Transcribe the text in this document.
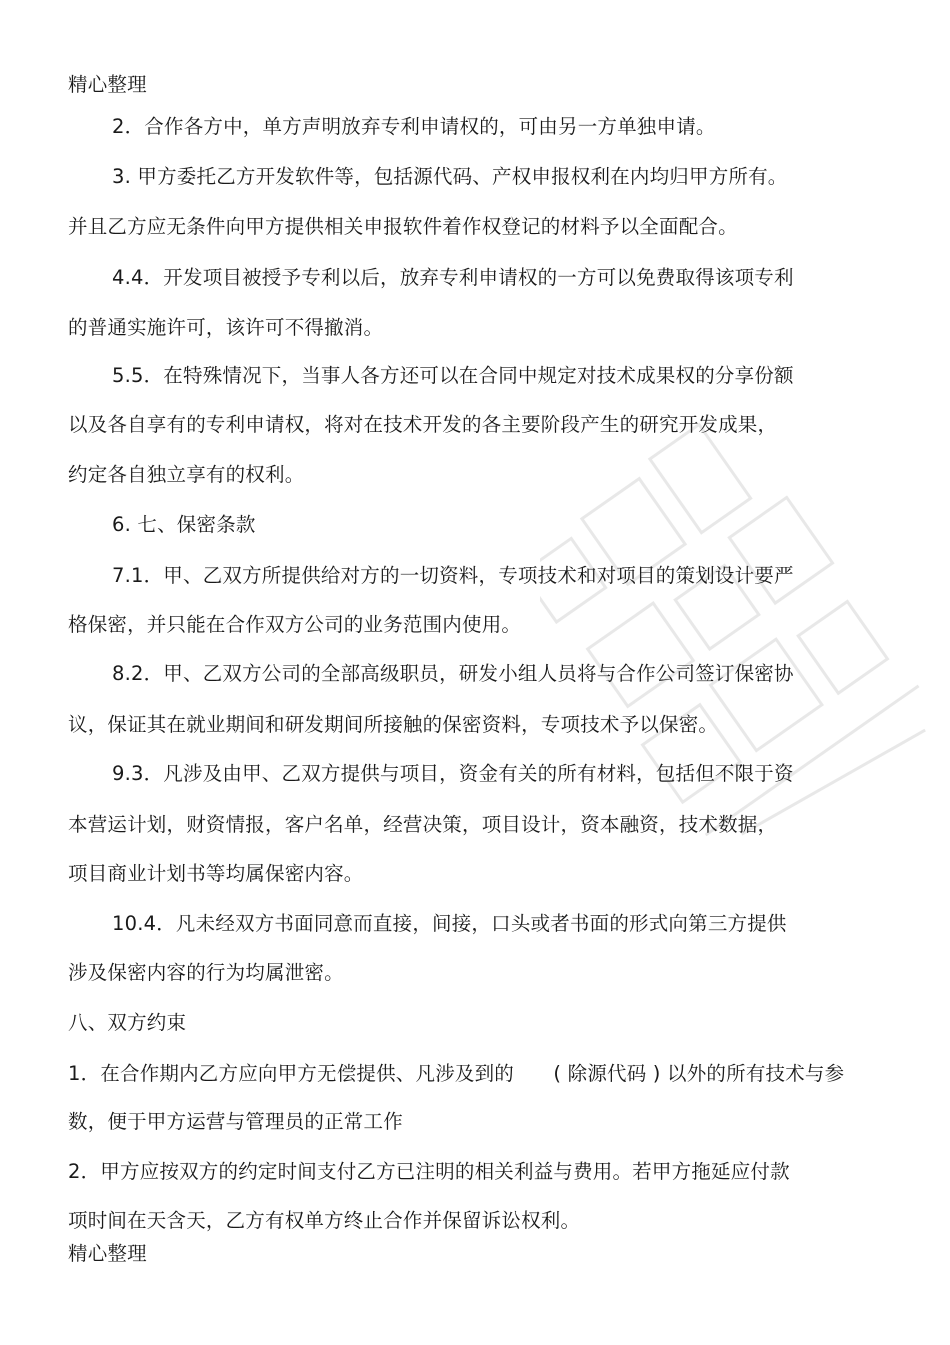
精心整理
2．合作各方中，单方声明放弃专利申请权的，可由另一方单独申请。
3. 甲方委托乙方开发软件等，包括源代码、产权申报权利在内均归甲方所有。
并且乙方应无条件向甲方提供相关申报软件着作权登记的材料予以全面配合。
4.4．开发项目被授予专利以后，放弃专利申请权的一方可以免费取得该项专利
的普通实施许可，该许可不得撤消。
5.5．在特殊情况下，当事人各方还可以在合同中规定对技术成果权的分享份额
以及各自享有的专利申请权，将对在技术开发的各主要阶段产生的研究开发成果，
约定各自独立享有的权利。
6. 七、保密条款
7.1．甲、乙双方所提供给对方的一切资料，专项技术和对项目的策划设计要严
格保密，并只能在合作双方公司的业务范围内使用。
8.2．甲、乙双方公司的全部高级职员，研发小组人员将与合作公司签订保密协
议，保证其在就业期间和研发期间所接触的保密资料，专项技术予以保密。
9.3．凡涉及由甲、乙双方提供与项目，资金有关的所有材料，包括但不限于资
本营运计划，财资情报，客户名单，经营决策，项目设计，资本融资，技术数据，
项目商业计划书等均属保密内容。
10.4．凡未经双方书面同意而直接，间接，口头或者书面的形式向第三方提供
涉及保密内容的行为均属泄密。
八、双方约束
1．在合作期内乙方应向甲方无偿提供、凡涉及到的　　( 除源代码 ) 以外的所有技术与参
数，便于甲方运营与管理员的正常工作
2．甲方应按双方的约定时间支付乙方已注明的相关利益与费用。若甲方拖延应付款
项时间在天含天，乙方有权单方终止合作并保留诉讼权利。
精心整理
